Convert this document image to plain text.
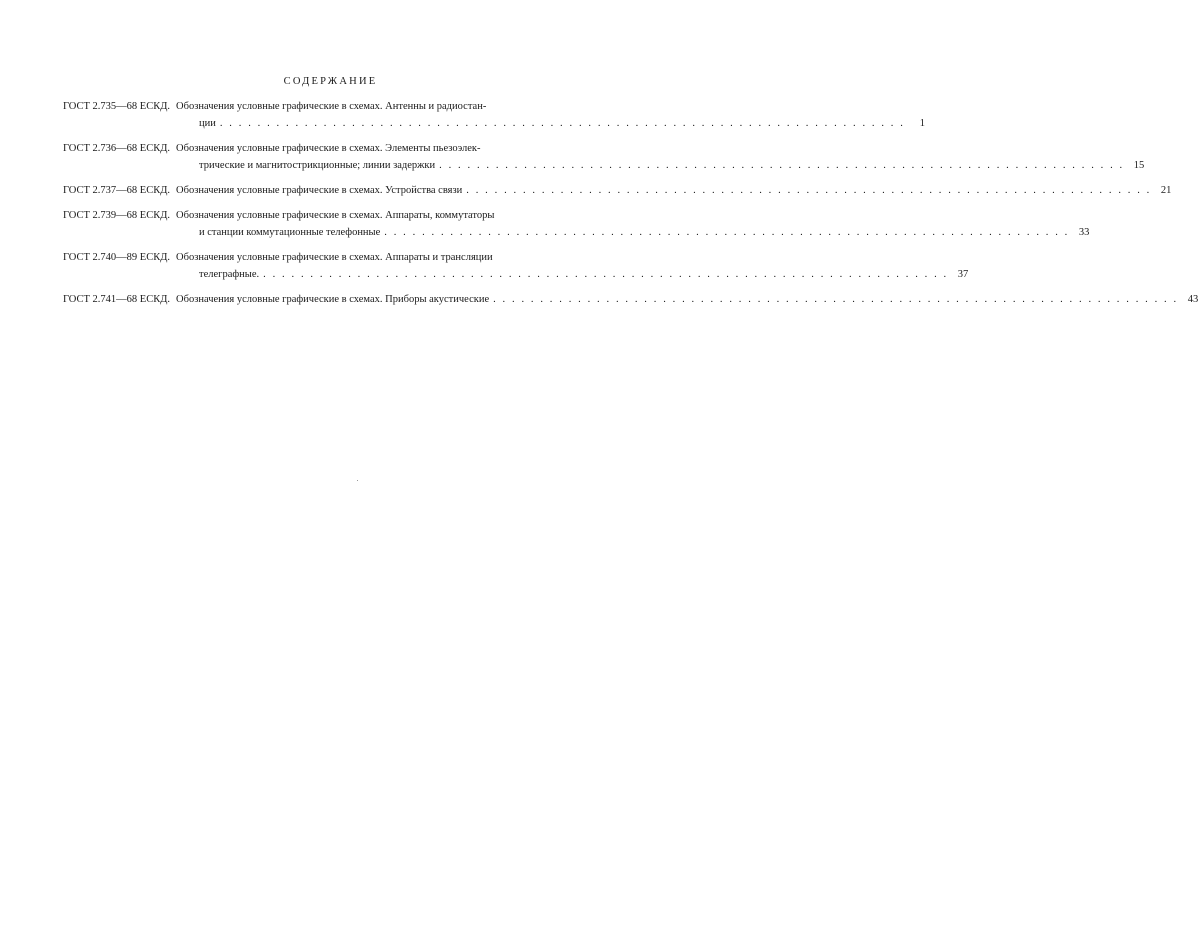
СОДЕРЖАНИЕ
ГОСТ 2.735—68 ЕСКД. Обозначения условные графические в схемах. Антенны и радиостан-
ции . . . . . . . . . . . . . . . . . . . . . . . . . . . . . . . . . . . . . . . . . . . . . . . . . . . . . . . . . . . . . . . . . . . . . . . . .	1
ГОСТ 2.736—68 ЕСКД. Обозначения условные графические в схемах. Элементы пьезоэлек-
трические и магнитострикционные; линии задержки . . . . . . . . . . . . . . . . . . . . . . . . . . . . . . . . . . . . . . . . . . . . . . . . . . . . . . . . . . . . . . . . . . . . . . . . . 15
ГОСТ 2.737—68 ЕСКД. Обозначения условные графические в схемах. Устройства связи . . . . . . . . . . . . . . . . . . . . . . . . . . . . . . . . . . . . . . . . . . . . . . . . . . . . . . . . . . . . . . . . . . . . . . . . . 21
ГОСТ 2.739—68 ЕСКД. Обозначения условные графические в схемах. Аппараты, коммутаторы
и станции коммутационные телефонные . . . . . . . . . . . . . . . . . . . . . . . . . . . . . . . . . . . . . . . . . . . . . . . . . . . . . . . . . . . . . . . . . . . . . . . . . 33
ГОСТ 2.740—89 ЕСКД. Обозначения условные графические в схемах. Аппараты и трансляции
телеграфные. . . . . . . . . . . . . . . . . . . . . . . . . . . . . . . . . . . . . . . . . . . . . . . . . . . . . . . . . . . . . . . . . . . . . . . . . . 37
ГОСТ 2.741—68 ЕСКД. Обозначения условные графические в схемах. Приборы акустические . . . . . . . . . . . . . . . . . . . . . . . . . . . . . . . . . . . . . . . . . . . . . . . . . . . . . . . . . . . . . . . . . . . . . . . . . 43
